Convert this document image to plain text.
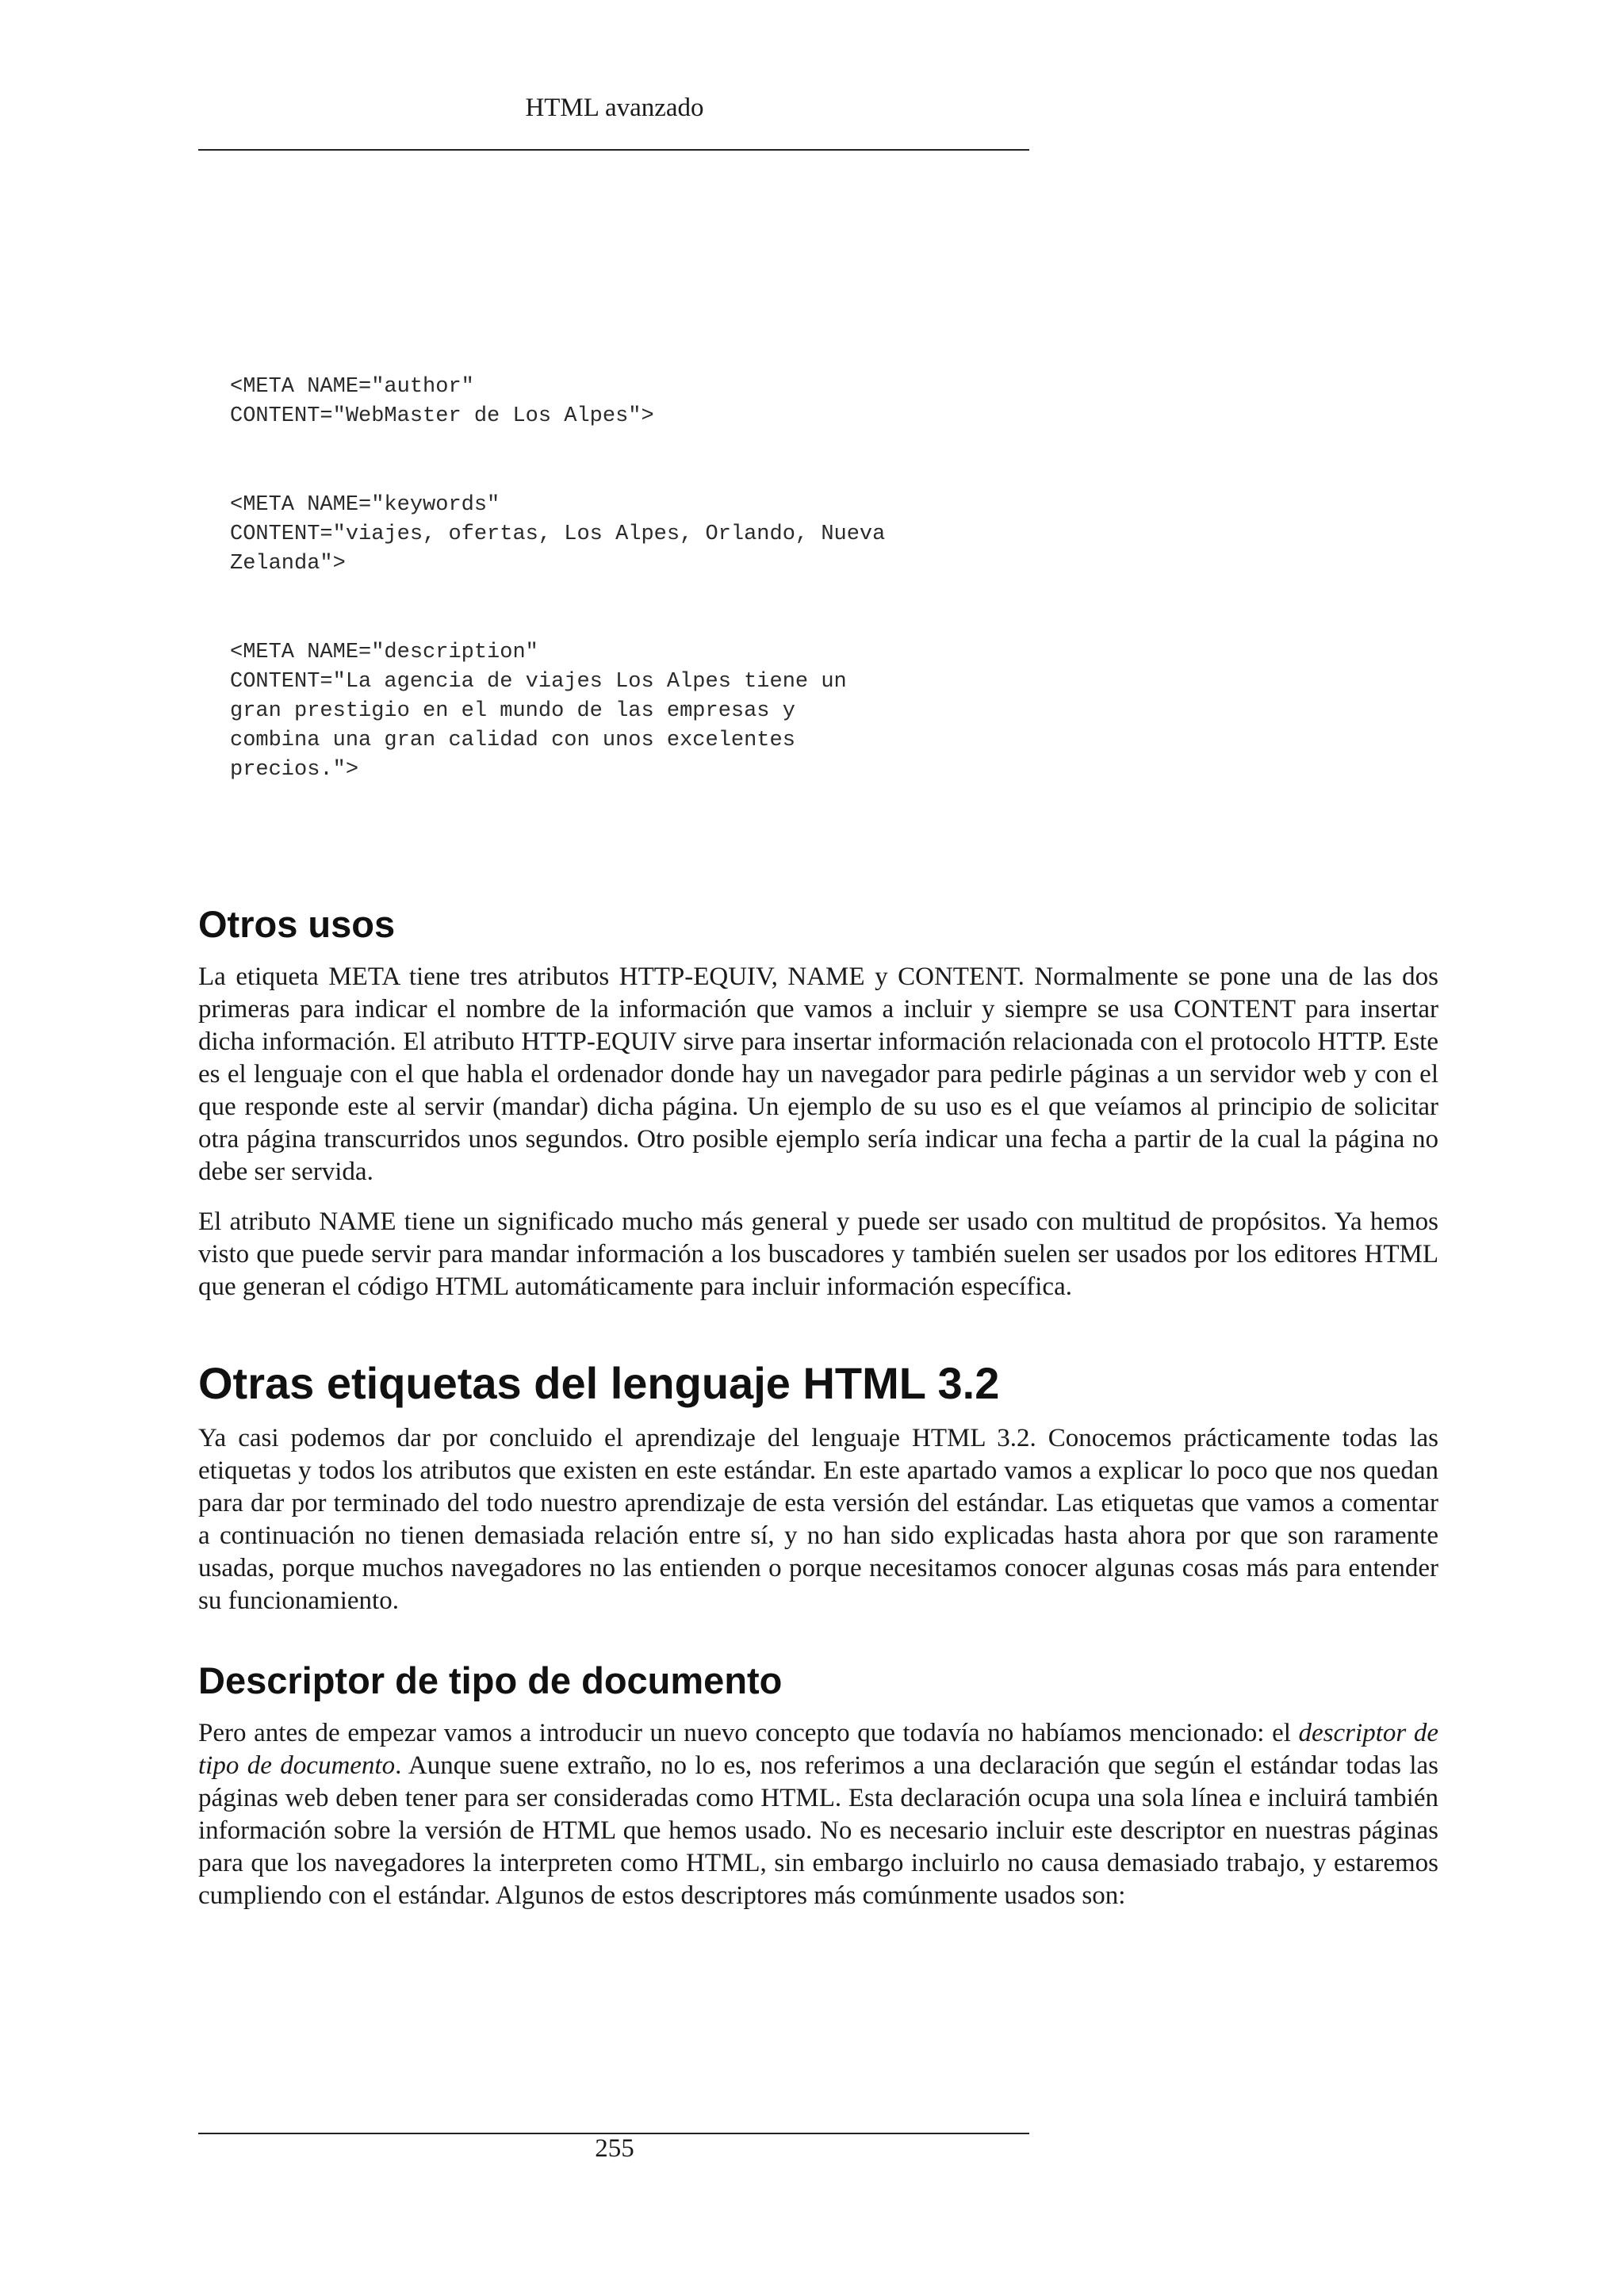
HTML avanzado
<META NAME="author"
CONTENT="WebMaster de Los Alpes">
<META NAME="keywords"
CONTENT="viajes, ofertas, Los Alpes, Orlando, Nueva
Zelanda">
<META NAME="description"
CONTENT="La agencia de viajes Los Alpes tiene un
gran prestigio en el mundo de las empresas y
combina una gran calidad con unos excelentes
precios.">
Otros usos

La etiqueta META tiene tres atributos HTTP-EQUIV, NAME y CONTENT. Normalmente se pone una de las dos primeras para indicar el nombre de la información que vamos a incluir y siempre se usa CONTENT para insertar dicha información. El atributo HTTP-EQUIV sirve para insertar información relacionada con el protocolo HTTP. Este es el lenguaje con el que habla el ordenador donde hay un navegador para pedirle páginas a un servidor web y con el que responde este al servir (mandar) dicha página. Un ejemplo de su uso es el que veíamos al principio de solicitar otra página transcurridos unos segundos. Otro posible ejemplo sería indicar una fecha a partir de la cual la página no debe ser servida.

El atributo NAME tiene un significado mucho más general y puede ser usado con multitud de propósitos. Ya hemos visto que puede servir para mandar información a los buscadores y también suelen ser usados por los editores HTML que generan el código HTML automáticamente para incluir información específica.

Otras etiquetas del lenguaje HTML 3.2

Ya casi podemos dar por concluido el aprendizaje del lenguaje HTML 3.2. Conocemos prácticamente todas las etiquetas y todos los atributos que existen en este estándar. En este apartado vamos a explicar lo poco que nos quedan para dar por terminado del todo nuestro aprendizaje de esta versión del estándar. Las etiquetas que vamos a comentar a continuación no tienen demasiada relación entre sí, y no han sido explicadas hasta ahora por que son raramente usadas, porque muchos navegadores no las entienden o porque necesitamos conocer algunas cosas más para entender su funcionamiento.

Descriptor de tipo de documento

Pero antes de empezar vamos a introducir un nuevo concepto que todavía no habíamos mencionado: el descriptor de tipo de documento. Aunque suene extraño, no lo es, nos referimos a una declaración que según el estándar todas las páginas web deben tener para ser consideradas como HTML. Esta declaración ocupa una sola línea e incluirá también información sobre la versión de HTML que hemos usado. No es necesario incluir este descriptor en nuestras páginas para que los navegadores la interpreten como HTML, sin embargo incluirlo no causa demasiado trabajo, y estaremos cumpliendo con el estándar. Algunos de estos descriptores más comúnmente usados son:

255
